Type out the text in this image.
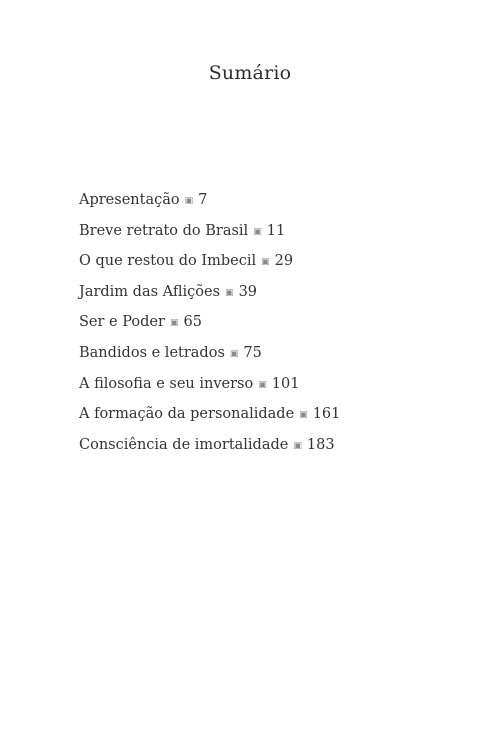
Sumário
Apresentação ▣ 7
Breve retrato do Brasil ▣ 11
O que restou do Imbecil ▣ 29
Jardim das Aflições ▣ 39
Ser e Poder ▣ 65
Bandidos e letrados ▣ 75
A filosofia e seu inverso ▣ 101
A formação da personalidade ▣ 161
Consciência de imortalidade ▣ 183
